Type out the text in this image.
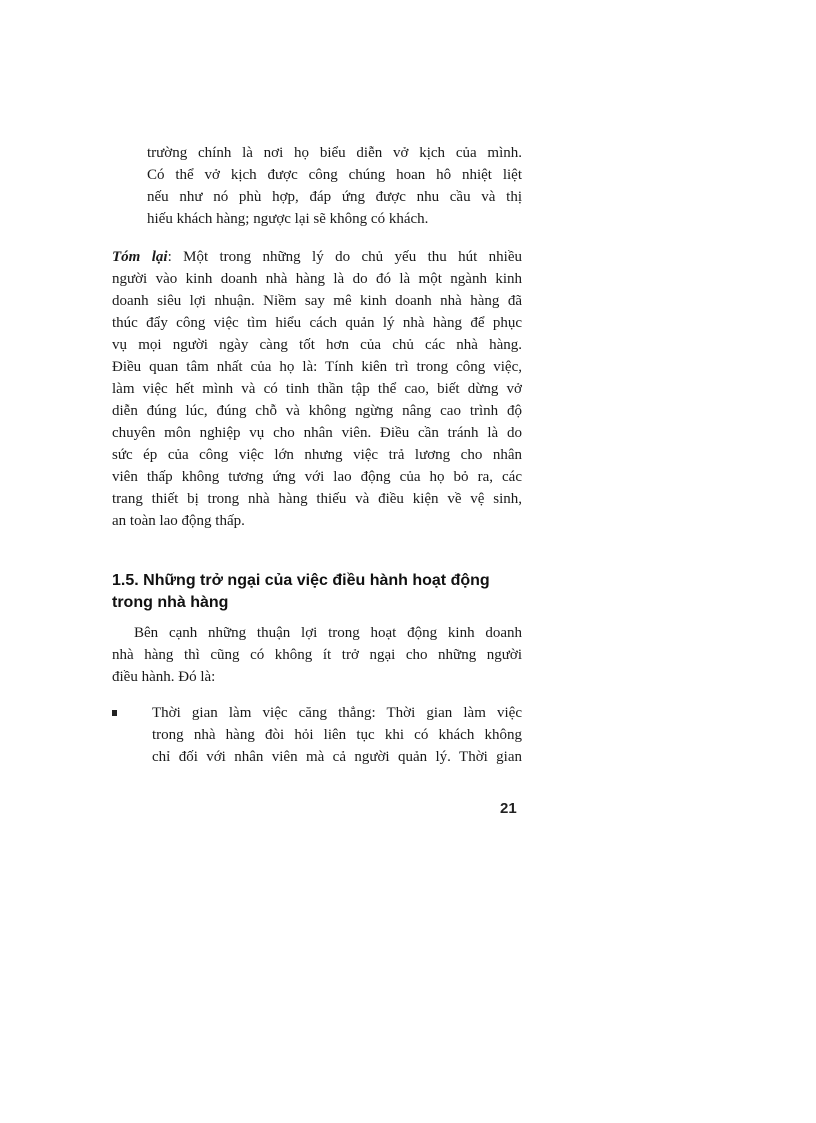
trường chính là nơi họ biểu diễn vở kịch của mình.
Có thể vở kịch được công chúng hoan hô nhiệt liệt
nếu như nó phù hợp, đáp ứng được nhu cầu và thị
hiếu khách hàng; ngược lại sẽ không có khách.
Tóm lại: Một trong những lý do chủ yếu thu hút nhiều
người vào kinh doanh nhà hàng là do đó là một ngành kinh
doanh siêu lợi nhuận. Niềm say mê kinh doanh nhà hàng đã
thúc đẩy công việc tìm hiểu cách quản lý nhà hàng để phục
vụ mọi người ngày càng tốt hơn của chủ các nhà hàng.
Điều quan tâm nhất của họ là: Tính kiên trì trong công việc,
làm việc hết mình và có tinh thần tập thể cao, biết dừng vở
diễn đúng lúc, đúng chỗ và không ngừng nâng cao trình độ
chuyên môn nghiệp vụ cho nhân viên. Điều cần tránh là do
sức ép của công việc lớn nhưng việc trả lương cho nhân
viên thấp không tương ứng với lao động của họ bỏ ra, các
trang thiết bị trong nhà hàng thiếu và điều kiện về vệ sinh,
an toàn lao động thấp.
1.5. Những trở ngại của việc điều hành hoạt động
trong nhà hàng
Bên cạnh những thuận lợi trong hoạt động kinh doanh
nhà hàng thì cũng có không ít trở ngại cho những người
điều hành. Đó là:
Thời gian làm việc căng thẳng: Thời gian làm việc
trong nhà hàng đòi hỏi liên tục khi có khách không
chỉ đối với nhân viên mà cả người quản lý. Thời gian
21
